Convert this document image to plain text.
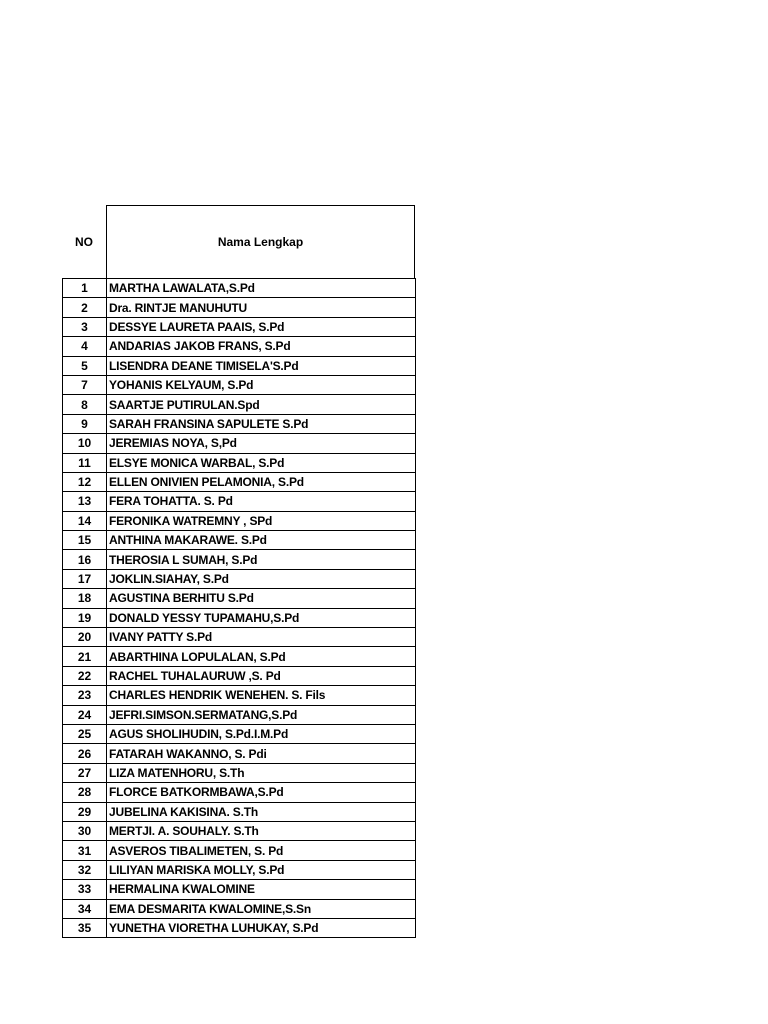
NO	Nama Lengkap
1	MARTHA LAWALATA,S.Pd
2	Dra. RINTJE MANUHUTU
3	DESSYE LAURETA PAAIS, S.Pd
4	ANDARIAS JAKOB FRANS, S.Pd
5	LISENDRA DEANE TIMISELA'S.Pd
7	YOHANIS KELYAUM, S.Pd
8	SAARTJE PUTIRULAN.Spd
9	SARAH FRANSINA SAPULETE S.Pd
10	JEREMIAS NOYA, S,Pd
11	ELSYE MONICA WARBAL, S.Pd
12	ELLEN ONIVIEN PELAMONIA, S.Pd
13	FERA TOHATTA. S. Pd
14	FERONIKA WATREMNY , SPd
15	ANTHINA MAKARAWE. S.Pd
16	THEROSIA L SUMAH, S.Pd
17	JOKLIN.SIAHAY, S.Pd
18	AGUSTINA BERHITU S.Pd
19	DONALD YESSY TUPAMAHU,S.Pd
20	IVANY PATTY S.Pd
21	ABARTHINA LOPULALAN, S.Pd
22	RACHEL TUHALAURUW ,S. Pd
23	CHARLES HENDRIK WENEHEN. S. Fils
24	JEFRI.SIMSON.SERMATANG,S.Pd
25	AGUS SHOLIHUDIN, S.Pd.I.M.Pd
26	FATARAH WAKANNO, S. Pdi
27	LIZA MATENHORU, S.Th
28	FLORCE BATKORMBAWA,S.Pd
29	JUBELINA KAKISINA. S.Th
30	MERTJI. A. SOUHALY. S.Th
31	ASVEROS TIBALIMETEN, S. Pd
32	LILIYAN MARISKA MOLLY, S.Pd
33	HERMALINA KWALOMINE
34	EMA DESMARITA KWALOMINE,S.Sn
35	YUNETHA VIORETHA LUHUKAY, S.Pd
